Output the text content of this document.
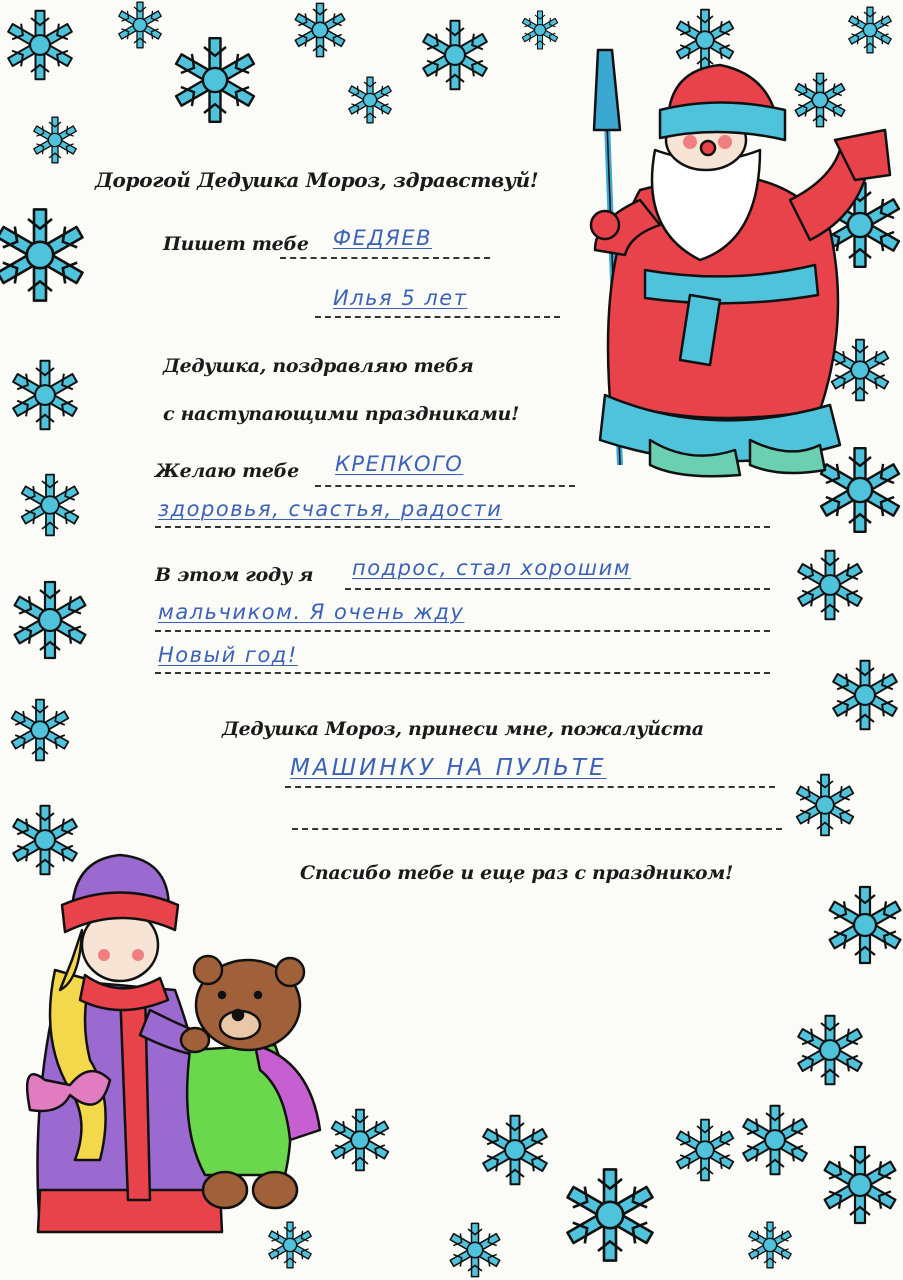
Дорогой Дедушка Мороз, здравствуй!
Пишет тебе ФЕДЯЕВ
Илья 5 лет
Дедушка, поздравляю тебя
с наступающими праздниками!
Желаю тебе КРЕПКОГО
здоровья, счастья, радости
В этом году я подрос, стал хорошим
мальчиком. Я очень жду
Новый год!
Дедушка Мороз, принеси мне, пожалуйста
МАШИНКУ НА ПУЛЬТЕ
Спасибо тебе и еще раз с праздником!
